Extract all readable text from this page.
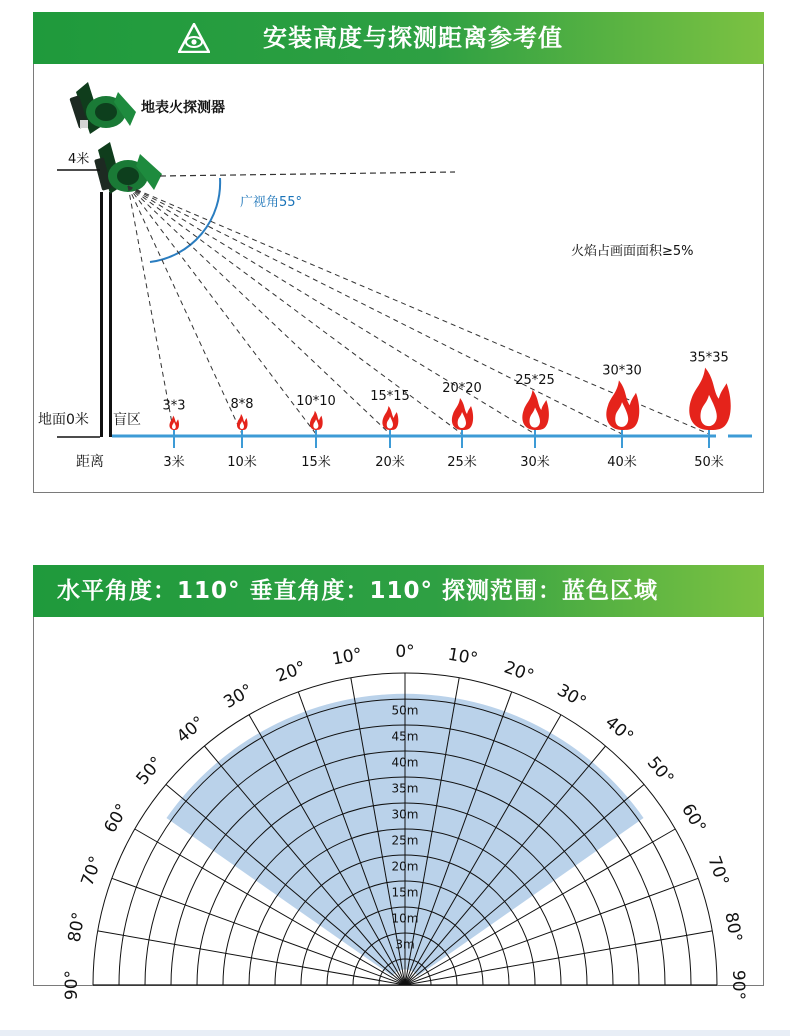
安装高度与探测距离参考值
地表火探测器
4米
广视角55°
火焰占画面面积≥5%
地面0米 盲区
距离
3*3
3米
8*8
10米
10*10
15米
15*15
20米
20*20
25米
25*25
30米
30*30
40米
35*35
50米
水平角度：110° 垂直角度：110° 探测范围：蓝色区域
3m
10m
15m
20m
25m
30m
35m
40m
45m
50m
0°
10°
20°
30°
40°
50°
60°
70°
80°
90°
10°
20°
30°
40°
50°
60°
70°
80°
90°
